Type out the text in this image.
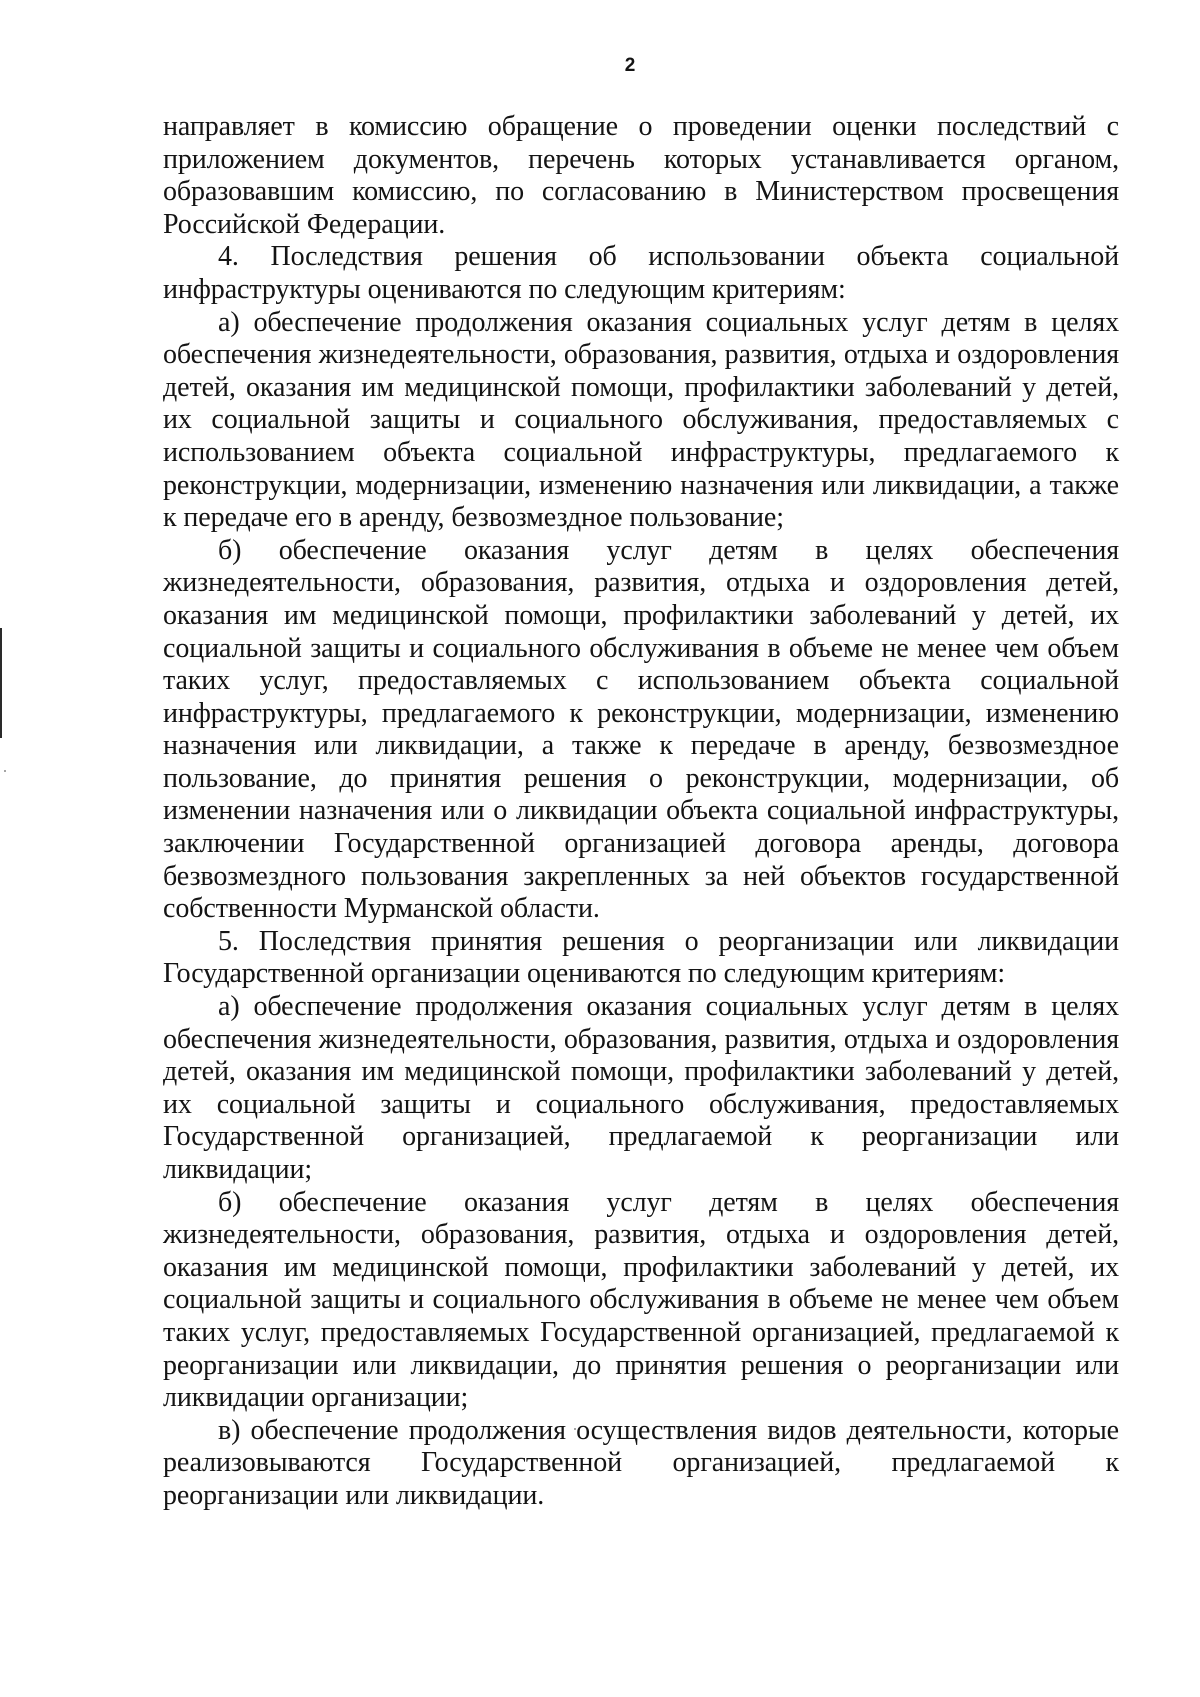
2

направляет в комиссию обращение о проведении оценки последствий с приложением документов, перечень которых устанавливается органом, образовавшим комиссию, по согласованию в Министерством просвещения Российской Федерации.

4. Последствия решения об использовании объекта социальной инфраструктуры оцениваются по следующим критериям:

а) обеспечение продолжения оказания социальных услуг детям в целях обеспечения жизнедеятельности, образования, развития, отдыха и оздоровления детей, оказания им медицинской помощи, профилактики заболеваний у детей, их социальной защиты и социального обслуживания, предоставляемых с использованием объекта социальной инфраструктуры, предлагаемого к реконструкции, модернизации, изменению назначения или ликвидации, а также к передаче его в аренду, безвозмездное пользование;

б) обеспечение оказания услуг детям в целях обеспечения жизнедеятельности, образования, развития, отдыха и оздоровления детей, оказания им медицинской помощи, профилактики заболеваний у детей, их социальной защиты и социального обслуживания в объеме не менее чем объем таких услуг, предоставляемых с использованием объекта социальной инфраструктуры, предлагаемого к реконструкции, модернизации, изменению назначения или ликвидации, а также к передаче в аренду, безвозмездное пользование, до принятия решения о реконструкции, модернизации, об изменении назначения или о ликвидации объекта социальной инфраструктуры, заключении Государственной организацией договора аренды, договора безвозмездного пользования закрепленных за ней объектов государственной собственности Мурманской области.

5. Последствия принятия решения о реорганизации или ликвидации Государственной организации оцениваются по следующим критериям:

а) обеспечение продолжения оказания социальных услуг детям в целях обеспечения жизнедеятельности, образования, развития, отдыха и оздоровления детей, оказания им медицинской помощи, профилактики заболеваний у детей, их социальной защиты и социального обслуживания, предоставляемых Государственной организацией, предлагаемой к реорганизации или ликвидации;

б) обеспечение оказания услуг детям в целях обеспечения жизнедеятельности, образования, развития, отдыха и оздоровления детей, оказания им медицинской помощи, профилактики заболеваний у детей, их социальной защиты и социального обслуживания в объеме не менее чем объем таких услуг, предоставляемых Государственной организацией, предлагаемой к реорганизации или ликвидации, до принятия решения о реорганизации или ликвидации организации;

в) обеспечение продолжения осуществления видов деятельности, которые реализовываются Государственной организацией, предлагаемой к реорганизации или ликвидации.
